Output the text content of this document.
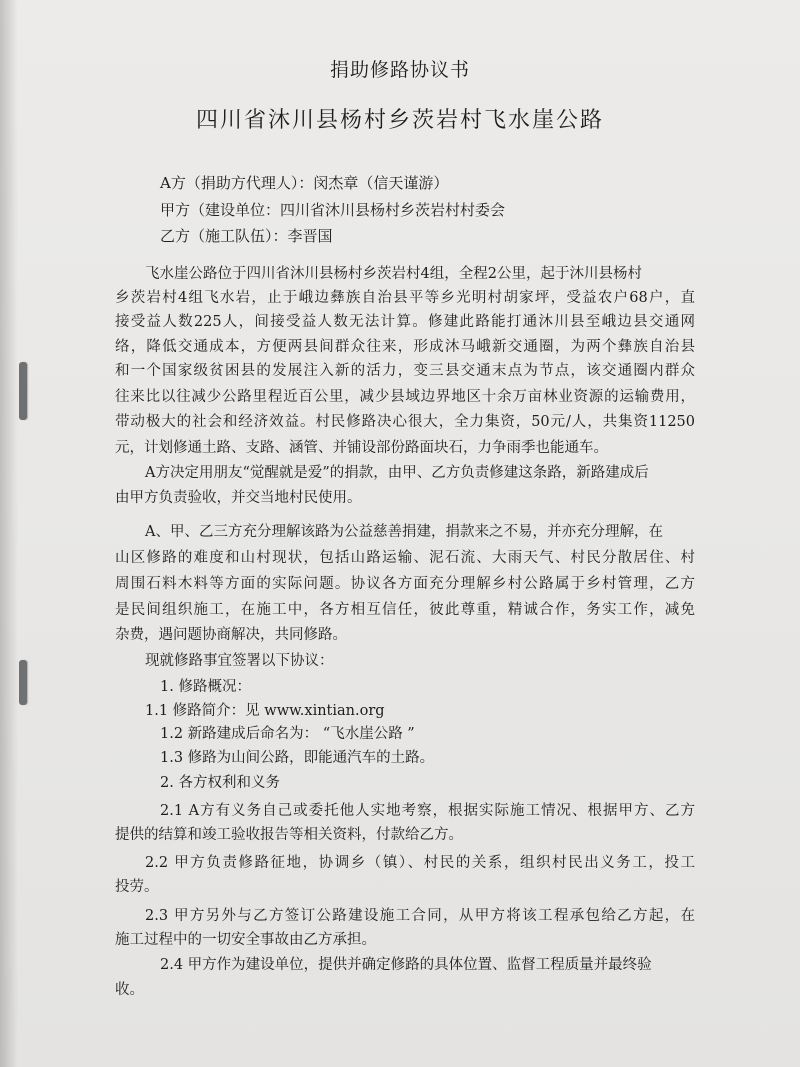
捐助修路协议书
四川省沐川县杨村乡茨岩村飞水崖公路
A方（捐助方代理人）：闵杰章（信天谨游）
甲方（建设单位：四川省沐川县杨村乡茨岩村村委会
乙方（施工队伍）：李晋国
飞水崖公路位于四川省沐川县杨村乡茨岩村4组，全程2公里，起于沐川县杨村
乡茨岩村4组飞水岩，止于峨边彝族自治县平等乡光明村胡家坪，受益农户68户，直
接受益人数225人，间接受益人数无法计算。修建此路能打通沐川县至峨边县交通网
络，降低交通成本，方便两县间群众往来，形成沐马峨新交通圈，为两个彝族自治县
和一个国家级贫困县的发展注入新的活力，变三县交通末点为节点，该交通圈内群众
往来比以往减少公路里程近百公里，减少县域边界地区十余万亩林业资源的运输费用，
带动极大的社会和经济效益。村民修路决心很大，全力集资，50元/人，共集资11250
元，计划修通土路、支路、涵管、并铺设部份路面块石，力争雨季也能通车。
A方决定用朋友“觉醒就是爱”的捐款，由甲、乙方负责修建这条路，新路建成后
由甲方负责验收，并交当地村民使用。
A、甲、乙三方充分理解该路为公益慈善捐建，捐款来之不易，并亦充分理解，在
山区修路的难度和山村现状，包括山路运输、泥石流、大雨天气、村民分散居住、村
周围石料木料等方面的实际问题。协议各方面充分理解乡村公路属于乡村管理，乙方
是民间组织施工，在施工中，各方相互信任，彼此尊重，精诚合作，务实工作，减免
杂费，遇问题协商解决，共同修路。
现就修路事宜签署以下协议：
1. 修路概况：
1.1 修路简介：见 www.xintian.org
1.2 新路建成后命名为： “飞水崖公路 ”
1.3 修路为山间公路，即能通汽车的土路。
2. 各方权利和义务
2.1 A方有义务自己或委托他人实地考察，根据实际施工情况、根据甲方、乙方
提供的结算和竣工验收报告等相关资料，付款给乙方。
2.2 甲方负责修路征地，协调乡（镇）、村民的关系，组织村民出义务工，投工
投劳。
2.3 甲方另外与乙方签订公路建设施工合同，从甲方将该工程承包给乙方起，在
施工过程中的一切安全事故由乙方承担。
2.4 甲方作为建设单位，提供并确定修路的具体位置、监督工程质量并最终验
收。
